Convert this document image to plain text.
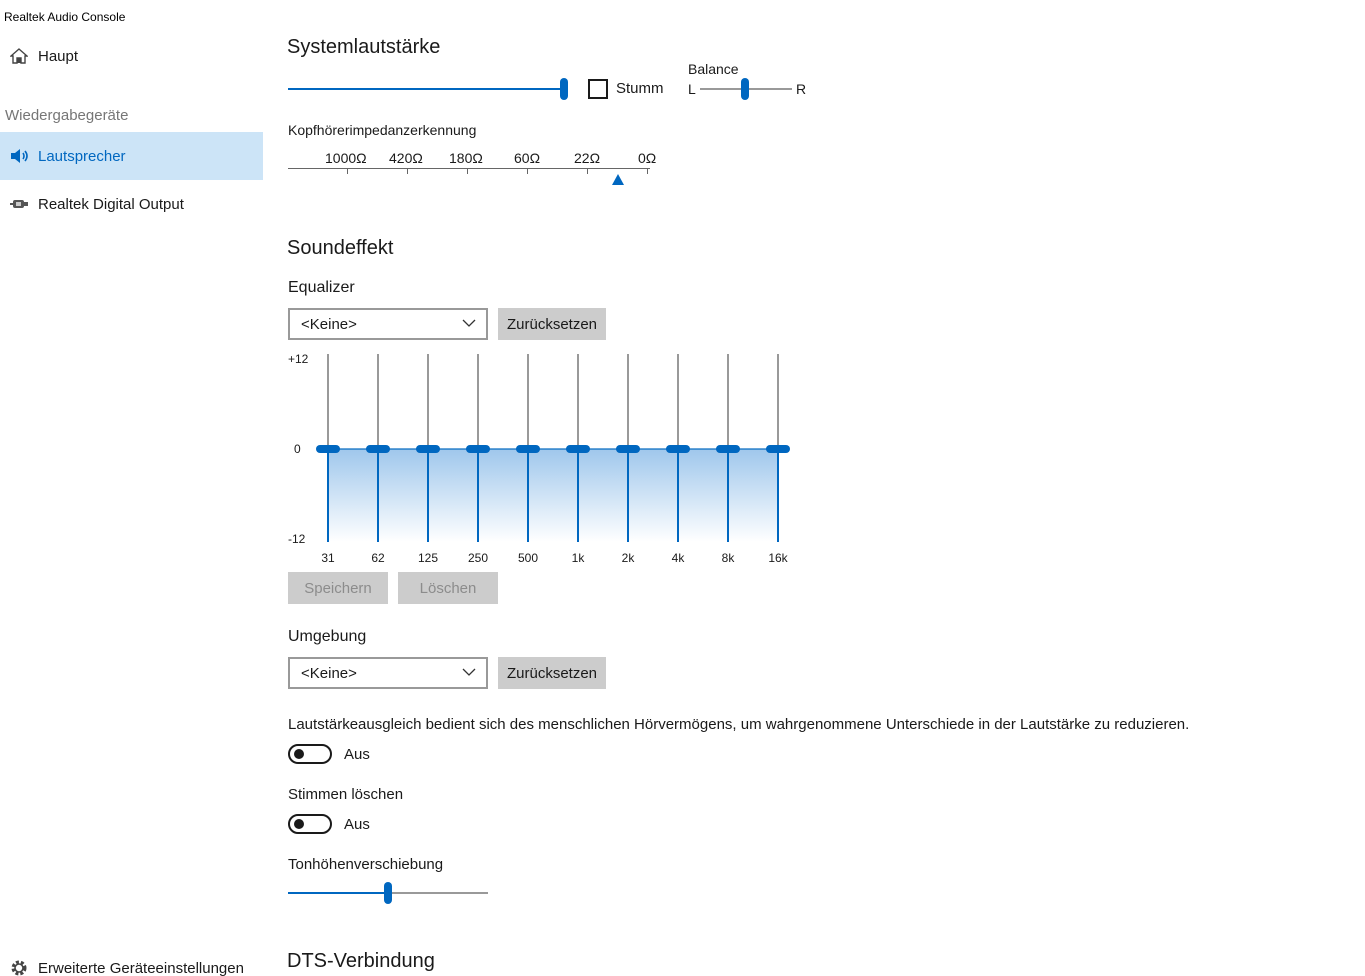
Realtek Audio Console
Haupt
Wiedergabegeräte
Lautsprecher
Realtek Digital Output
Erweiterte Geräteeinstellungen
Systemlautstärke
Stumm
Balance
L	R
Kopfhörerimpedanzerkennung
1000Ω 420Ω 180Ω 60Ω 22Ω	0Ω
Soundeffekt
Equalizer
<Keine>	Zurücksetzen
+12
0
-12
31	62	125	250	500	1k	2k	4k	8k	16k
Speichern	Löschen
Umgebung
<Keine>	Zurücksetzen
Lautstärkeausgleich bedient sich des menschlichen Hörvermögens, um wahrgenommene Unterschiede in der Lautstärke zu reduzieren.
Aus
Stimmen löschen
Aus
Tonhöhenverschiebung
DTS-Verbindung
